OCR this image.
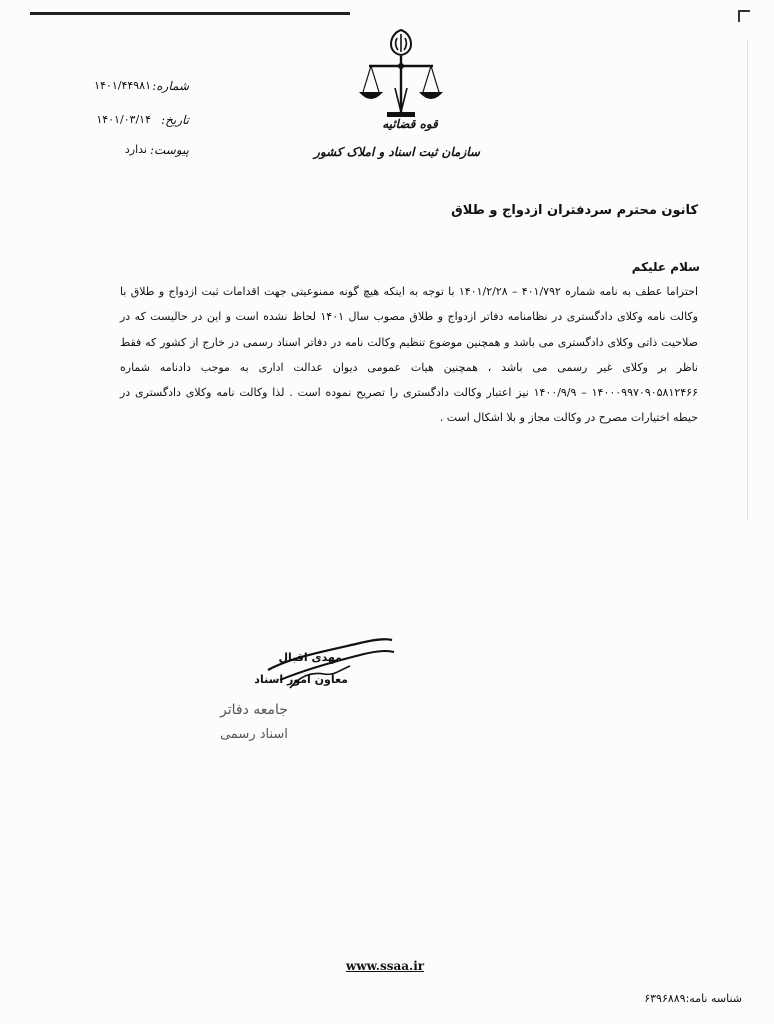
شماره:
۱۴۰۱/۴۴۹۸۱
تاریخ:
۱۴۰۱/۰۳/۱۴
پیوست:
ندارد
قوه قضائیه
سازمان ثبت اسناد و املاک کشور
کانون محترم سردفتران ازدواج و طلاق
سلام علیکم

احتراما عطف به نامه شماره ۴۰۱/۷۹۲ – ۱۴۰۱/۲/۲۸ با توجه به اینکه هیچ گونه ممنوعیتی جهت اقدامات ثبت ازدواج و طلاق با وکالت نامه وکلای دادگستری در نظامنامه دفاتر ازدواج و طلاق مصوب سال ۱۴۰۱ لحاظ نشده است و این در حالیست که در صلاحیت ذاتی وکلای دادگستری می باشد و همچنین موضوع تنظیم وکالت نامه در دفاتر اسناد رسمی در خارج از کشور که فقط ناظر بر وکلای غیر رسمی می باشد ، همچنین هیات عمومی دیوان عدالت اداری به موجب دادنامه شماره ۱۴۰۰۰۹۹۷۰۹۰۵۸۱۲۴۶۶ – ۱۴۰۰/۹/۹ نیز اعتبار وکالت دادگستری را تصریح نموده است . لذا وکالت نامه وکلای دادگستری در حیطه اختیارات مصرح در وکالت مجاز و بلا اشکال است .

مهدی اقبال
معاون امور اسناد
جامعه دفاتر
اسناد رسمی
www.ssaa.ir
شناسه نامه:۶۳۹۶۸۸۹
